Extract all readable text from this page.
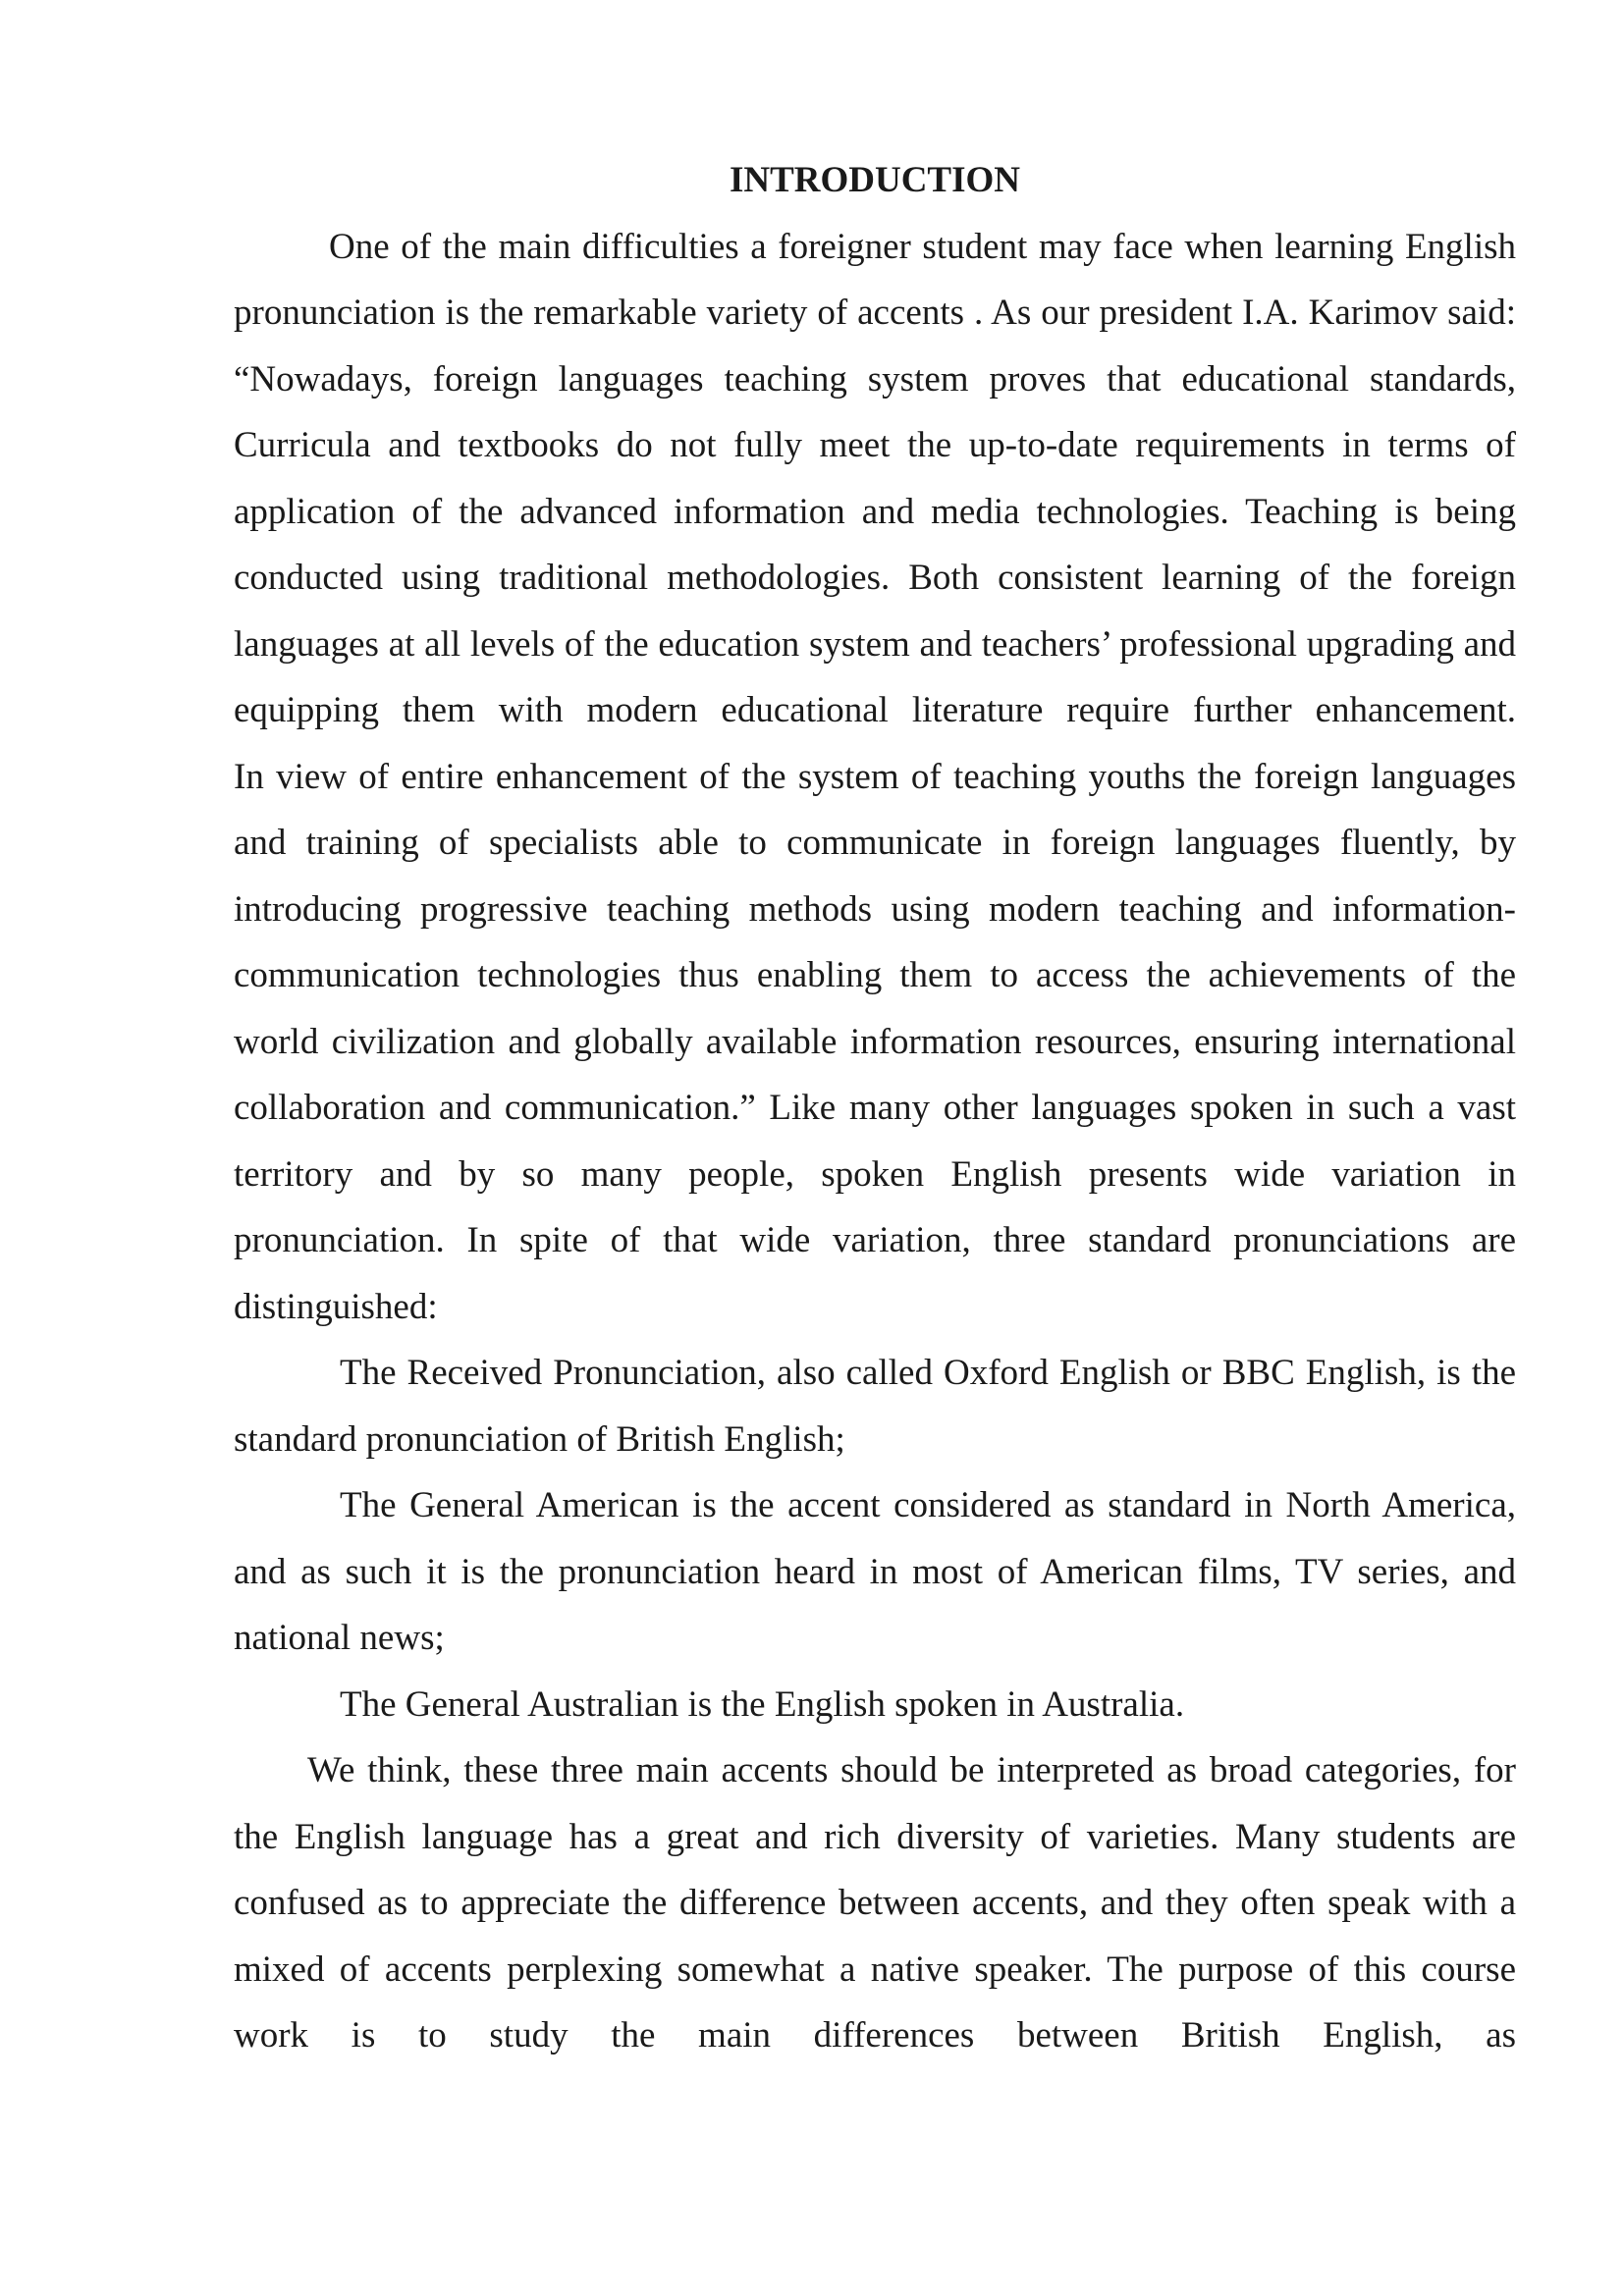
INTRODUCTION

One of the main difficulties a foreigner student may face when learning English pronunciation is the remarkable variety of accents . As our president I.A. Karimov said: “Nowadays, foreign languages teaching system proves that educational standards, Curricula and textbooks do not fully meet the up-to-date requirements in terms of application of the advanced information and media technologies. Teaching is being conducted using traditional methodologies. Both consistent learning of the foreign languages at all levels of the education system and teachers’ professional upgrading and equipping them with modern educational literature require further enhancement.

In view of entire enhancement of the system of teaching youths the foreign languages and training of specialists able to communicate in foreign languages fluently, by introducing progressive teaching methods using modern teaching and information-communication technologies thus enabling them to access the achievements of the world civilization and globally available information resources, ensuring international collaboration and communication.” Like many other languages spoken in such a vast territory and by so many people, spoken English presents wide variation in pronunciation. In spite of that wide variation, three standard pronunciations are distinguished:

The Received Pronunciation, also called Oxford English or BBC English, is the standard pronunciation of British English;

The General American is the accent considered as standard in North America, and as such it is the pronunciation heard in most of American films, TV series, and national news;

The General Australian is the English spoken in Australia.

We think, these three main accents should be interpreted as broad categories, for the English language has a great and rich diversity of varieties. Many students are confused as to appreciate the difference between accents, and they often speak with a mixed of accents perplexing somewhat a native speaker. The purpose of this course work is to study the main differences between British English, as
